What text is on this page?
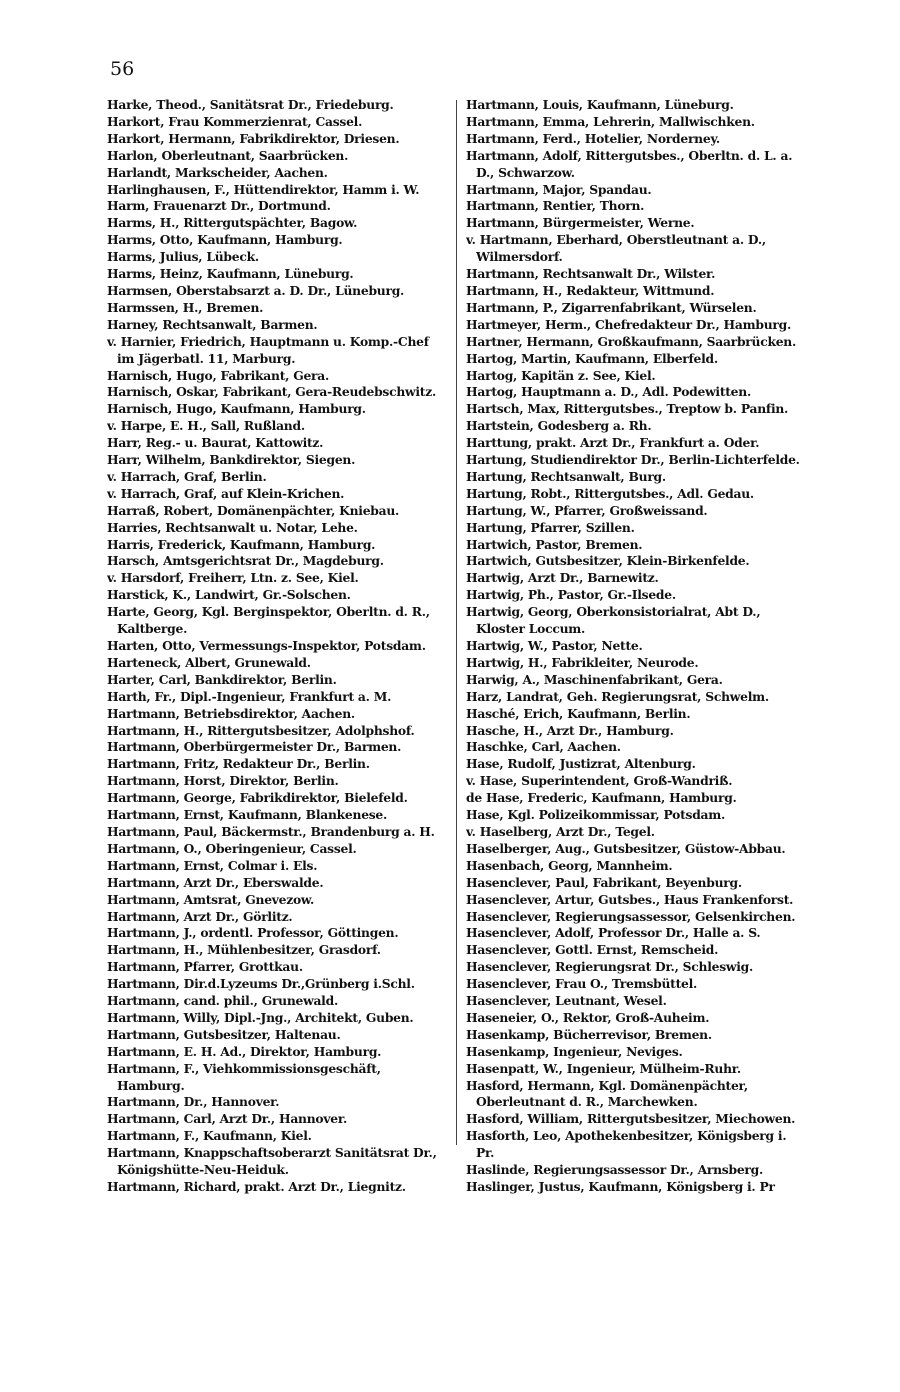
56
Harke, Theod., Sanitätsrat Dr., Friedeburg.
Harkort, Frau Kommerzienrat, Cassel.
Harkort, Hermann, Fabrikdirektor, Driesen.
Harlon, Oberleutnant, Saarbrücken.
Harlandt, Markscheider, Aachen.
Harlinghausen, F., Hüttendirektor, Hamm i. W.
Harm, Frauenarzt Dr., Dortmund.
Harms, H., Rittergutspächter, Bagow.
Harms, Otto, Kaufmann, Hamburg.
Harms, Julius, Lübeck.
Harms, Heinz, Kaufmann, Lüneburg.
Harmsen, Oberstabsarzt a. D. Dr., Lüneburg.
Harmssen, H., Bremen.
Harney, Rechtsanwalt, Barmen.
v. Harnier, Friedrich, Hauptmann u. Komp.-Chef im Jägerbatl. 11, Marburg.
Harnisch, Hugo, Fabrikant, Gera.
Harnisch, Oskar, Fabrikant, Gera-Reudebschwitz.
Harnisch, Hugo, Kaufmann, Hamburg.
v. Harpe, E. H., Sall, Rußland.
Harr, Reg.- u. Baurat, Kattowitz.
Harr, Wilhelm, Bankdirektor, Siegen.
v. Harrach, Graf, Berlin.
v. Harrach, Graf, auf Klein-Krichen.
Harraß, Robert, Domänenpächter, Kniebau.
Harries, Rechtsanwalt u. Notar, Lehe.
Harris, Frederick, Kaufmann, Hamburg.
Harsch, Amtsgerichtsrat Dr., Magdeburg.
v. Harsdorf, Freiherr, Ltn. z. See, Kiel.
Harstick, K., Landwirt, Gr.-Solschen.
Harte, Georg, Kgl. Berginspektor, Oberltn. d. R., Kaltberge.
Harten, Otto, Vermessungs-Inspektor, Potsdam.
Harteneck, Albert, Grunewald.
Harter, Carl, Bankdirektor, Berlin.
Harth, Fr., Dipl.-Ingenieur, Frankfurt a. M.
Hartmann, Betriebsdirektor, Aachen.
Hartmann, H., Rittergutsbesitzer, Adolphshof.
Hartmann, Oberbürgermeister Dr., Barmen.
Hartmann, Fritz, Redakteur Dr., Berlin.
Hartmann, Horst, Direktor, Berlin.
Hartmann, George, Fabrikdirektor, Bielefeld.
Hartmann, Ernst, Kaufmann, Blankenese.
Hartmann, Paul, Bäckermstr., Brandenburg a. H.
Hartmann, O., Oberingenieur, Cassel.
Hartmann, Ernst, Colmar i. Els.
Hartmann, Arzt Dr., Eberswalde.
Hartmann, Amtsrat, Gnevezow.
Hartmann, Arzt Dr., Görlitz.
Hartmann, J., ordentl. Professor, Göttingen.
Hartmann, H., Mühlenbesitzer, Grasdorf.
Hartmann, Pfarrer, Grottkau.
Hartmann, Dir.d.Lyzeums Dr.,Grünberg i.Schl.
Hartmann, cand. phil., Grunewald.
Hartmann, Willy, Dipl.-Jng., Architekt, Guben.
Hartmann, Gutsbesitzer, Haltenau.
Hartmann, E. H. Ad., Direktor, Hamburg.
Hartmann, F., Viehkommissionsgeschäft, Hamburg.
Hartmann, Dr., Hannover.
Hartmann, Carl, Arzt Dr., Hannover.
Hartmann, F., Kaufmann, Kiel.
Hartmann, Knappschaftsoberarzt Sanitätsrat Dr., Königshütte-Neu-Heiduk.
Hartmann, Richard, prakt. Arzt Dr., Liegnitz.
Hartmann, Louis, Kaufmann, Lüneburg.
Hartmann, Emma, Lehrerin, Mallwischken.
Hartmann, Ferd., Hotelier, Norderney.
Hartmann, Adolf, Rittergutsbes., Oberltn. d. L. a. D., Schwarzow.
Hartmann, Major, Spandau.
Hartmann, Rentier, Thorn.
Hartmann, Bürgermeister, Werne.
v. Hartmann, Eberhard, Oberstleutnant a. D., Wilmersdorf.
Hartmann, Rechtsanwalt Dr., Wilster.
Hartmann, H., Redakteur, Wittmund.
Hartmann, P., Zigarrenfabrikant, Würselen.
Hartmeyer, Herm., Chefredakteur Dr., Hamburg.
Hartner, Hermann, Großkaufmann, Saarbrücken.
Hartog, Martin, Kaufmann, Elberfeld.
Hartog, Kapitän z. See, Kiel.
Hartog, Hauptmann a. D., Adl. Podewitten.
Hartsch, Max, Rittergutsbes., Treptow b. Panfin.
Hartstein, Godesberg a. Rh.
Harttung, prakt. Arzt Dr., Frankfurt a. Oder.
Hartung, Studiendirektor Dr., Berlin-Lichterfelde.
Hartung, Rechtsanwalt, Burg.
Hartung, Robt., Rittergutsbes., Adl. Gedau.
Hartung, W., Pfarrer, Großweissand.
Hartung, Pfarrer, Szillen.
Hartwich, Pastor, Bremen.
Hartwich, Gutsbesitzer, Klein-Birkenfelde.
Hartwig, Arzt Dr., Barnewitz.
Hartwig, Ph., Pastor, Gr.-Ilsede.
Hartwig, Georg, Oberkonsistorialrat, Abt D., Kloster Loccum.
Hartwig, W., Pastor, Nette.
Hartwig, H., Fabrikleiter, Neurode.
Harwig, A., Maschinenfabrikant, Gera.
Harz, Landrat, Geh. Regierungsrat, Schwelm.
Hasché, Erich, Kaufmann, Berlin.
Hasche, H., Arzt Dr., Hamburg.
Haschke, Carl, Aachen.
Hase, Rudolf, Justizrat, Altenburg.
v. Hase, Superintendent, Groß-Wandriß.
de Hase, Frederic, Kaufmann, Hamburg.
Hase, Kgl. Polizeikommissar, Potsdam.
v. Haselberg, Arzt Dr., Tegel.
Haselberger, Aug., Gutsbesitzer, Güstow-Abbau.
Hasenbach, Georg, Mannheim.
Hasenclever, Paul, Fabrikant, Beyenburg.
Hasenclever, Artur, Gutsbes., Haus Frankenforst.
Hasenclever, Regierungsassessor, Gelsenkirchen.
Hasenclever, Adolf, Professor Dr., Halle a. S.
Hasenclever, Gottl. Ernst, Remscheid.
Hasenclever, Regierungsrat Dr., Schleswig.
Hasenclever, Frau O., Tremsbüttel.
Hasenclever, Leutnant, Wesel.
Haseneier, O., Rektor, Groß-Auheim.
Hasenkamp, Bücherrevisor, Bremen.
Hasenkamp, Ingenieur, Neviges.
Hasenpatt, W., Ingenieur, Mülheim-Ruhr.
Hasford, Hermann, Kgl. Domänenpächter, Oberleutnant d. R., Marchewken.
Hasford, William, Rittergutsbesitzer, Miechowen.
Hasforth, Leo, Apothekenbesitzer, Königsberg i. Pr.
Haslinde, Regierungsassessor Dr., Arnsberg.
Haslinger, Justus, Kaufmann, Königsberg i. Pr
